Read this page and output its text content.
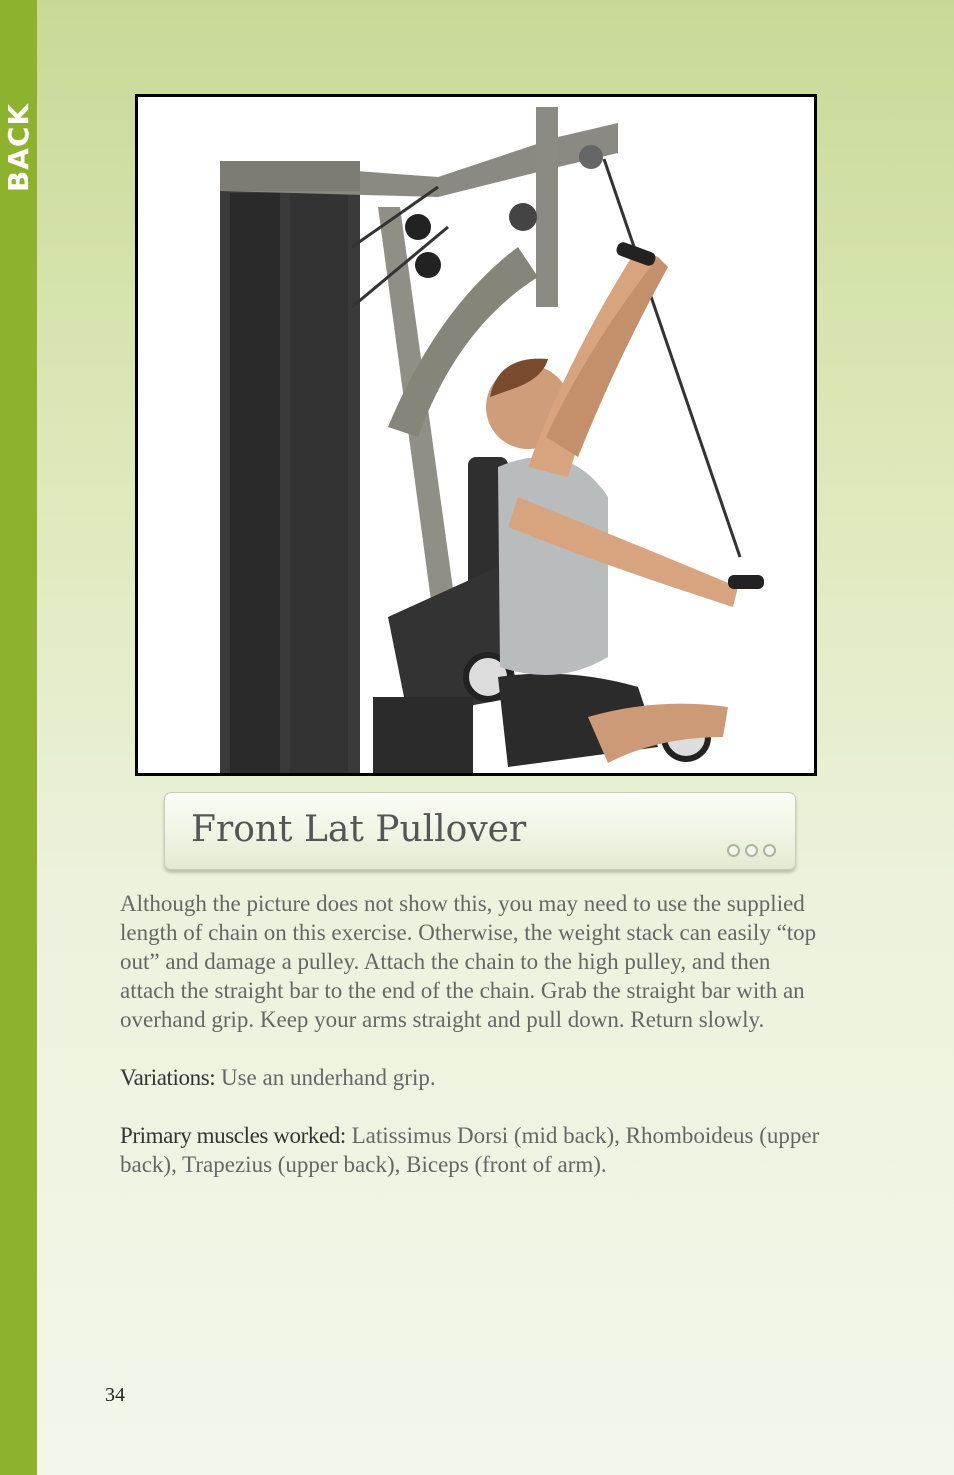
BACK
Front Lat Pullover

Although the picture does not show this, you may need to use the supplied length of chain on this exercise. Otherwise, the weight stack can easily “top out” and damage a pulley. Attach the chain to the high pulley, and then attach the straight bar to the end of the chain. Grab the straight bar with an overhand grip. Keep your arms straight and pull down. Return slowly.

Variations: Use an underhand grip.

Primary muscles worked: Latissimus Dorsi (mid back), Rhomboideus (upper back), Trapezius (upper back), Biceps (front of arm).

34
